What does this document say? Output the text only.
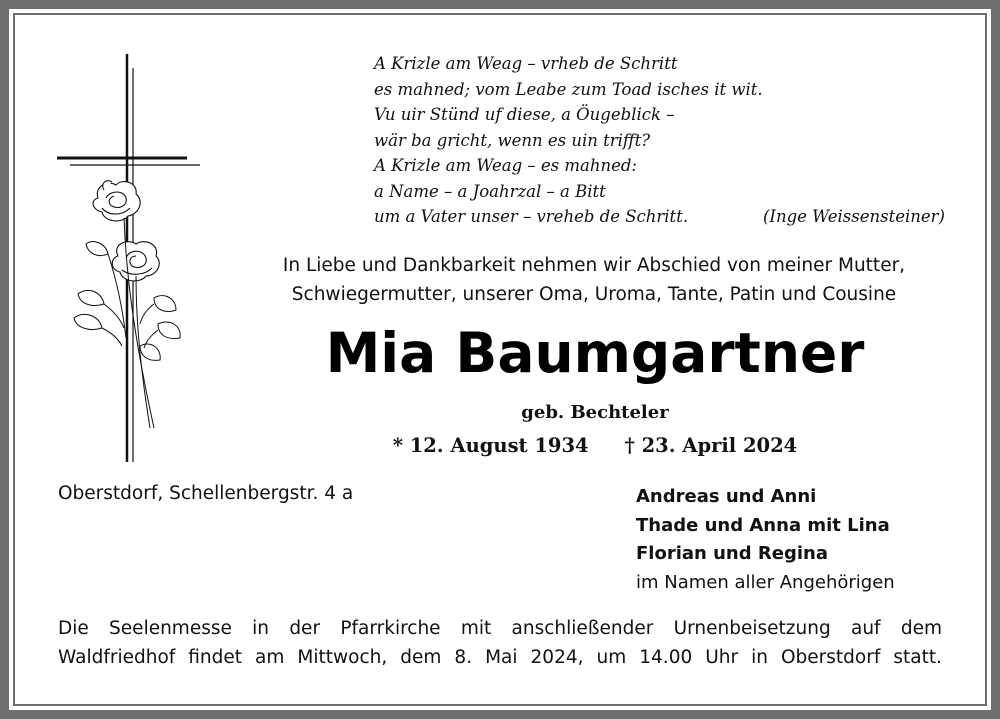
A Krizle am Weag – vrheb de Schritt
es mahned; vom Leabe zum Toad isches it wit.
Vu uir Stünd uf diese, a Öugeblick –
wär ba gricht, wenn es uin trifft?
A Krizle am Weag – es mahned:
a Name – a Joahrzal – a Bitt
um a Vater unser – vreheb de Schritt.	(Inge Weissensteiner)
In Liebe und Dankbarkeit nehmen wir Abschied von meiner Mutter,
Schwiegermutter, unserer Oma, Uroma, Tante, Patin und Cousine
Mia Baumgartner
geb. Bechteler
* 12. August 1934 † 23. April 2024
Oberstdorf, Schellenbergstr. 4 a	Andreas und Anni
Thade und Anna mit Lina
Florian und Regina
im Namen aller Angehörigen
Die Seelenmesse in der Pfarrkirche mit anschließender Urnenbeisetzung auf dem
Waldfriedhof findet am Mittwoch, dem 8. Mai 2024, um 14.00 Uhr in Oberstdorf statt.
